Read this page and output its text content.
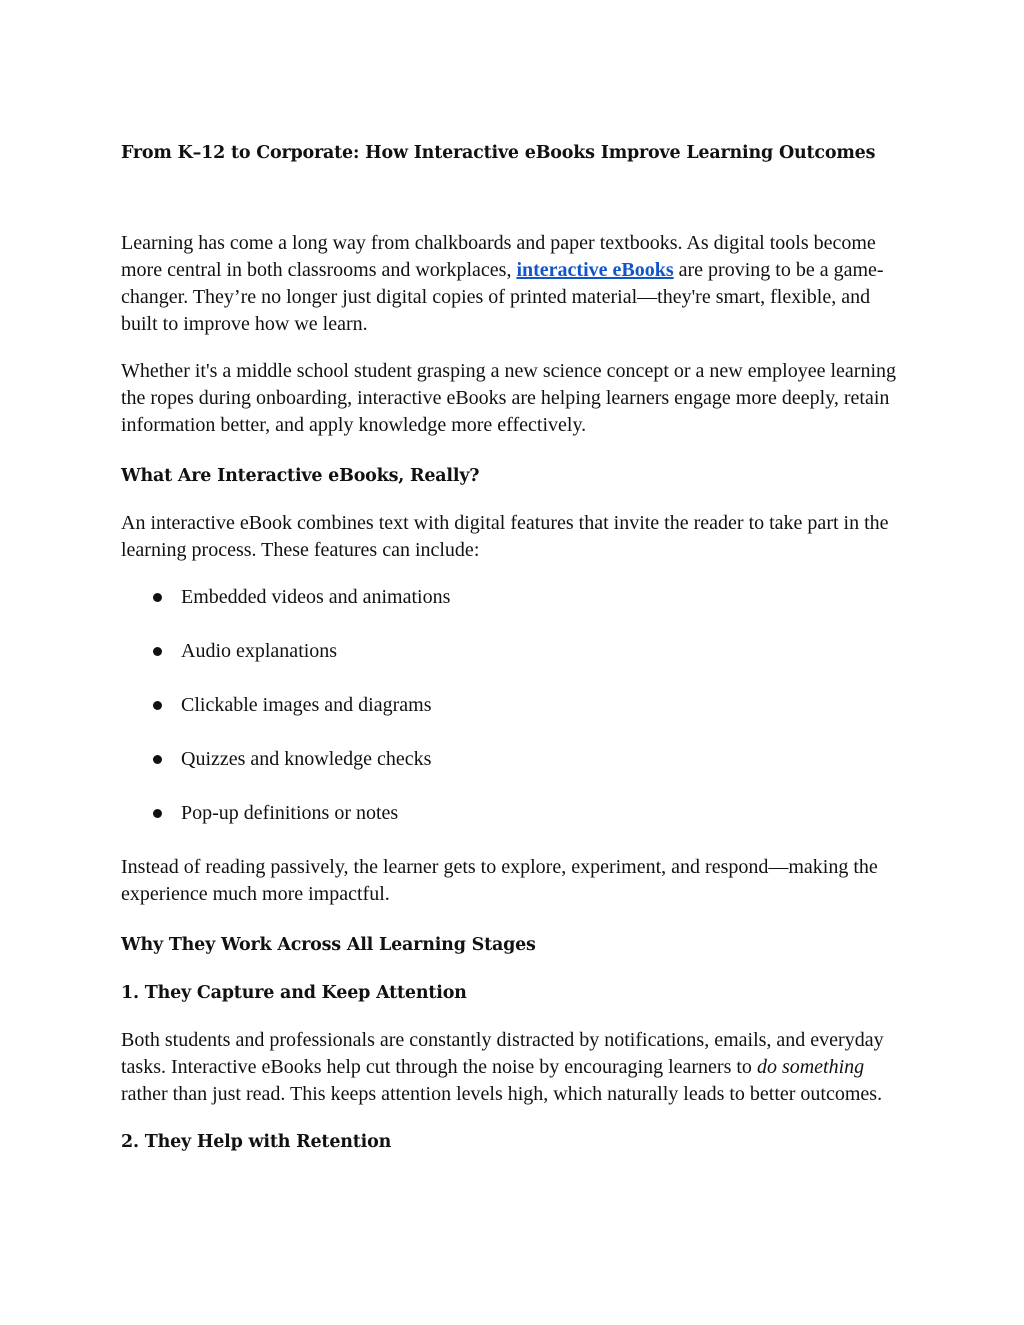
From K–12 to Corporate: How Interactive eBooks Improve Learning Outcomes

Learning has come a long way from chalkboards and paper textbooks. As digital tools become more central in both classrooms and workplaces, interactive eBooks are proving to be a game-changer. They’re no longer just digital copies of printed material—they're smart, flexible, and built to improve how we learn.

Whether it's a middle school student grasping a new science concept or a new employee learning the ropes during onboarding, interactive eBooks are helping learners engage more deeply, retain information better, and apply knowledge more effectively.

What Are Interactive eBooks, Really?

An interactive eBook combines text with digital features that invite the reader to take part in the learning process. These features can include:

Embedded videos and animations
Audio explanations
Clickable images and diagrams
Quizzes and knowledge checks
Pop-up definitions or notes

Instead of reading passively, the learner gets to explore, experiment, and respond—making the experience much more impactful.

Why They Work Across All Learning Stages
1. They Capture and Keep Attention

Both students and professionals are constantly distracted by notifications, emails, and everyday tasks. Interactive eBooks help cut through the noise by encouraging learners to do something rather than just read. This keeps attention levels high, which naturally leads to better outcomes.

2. They Help with Retention
